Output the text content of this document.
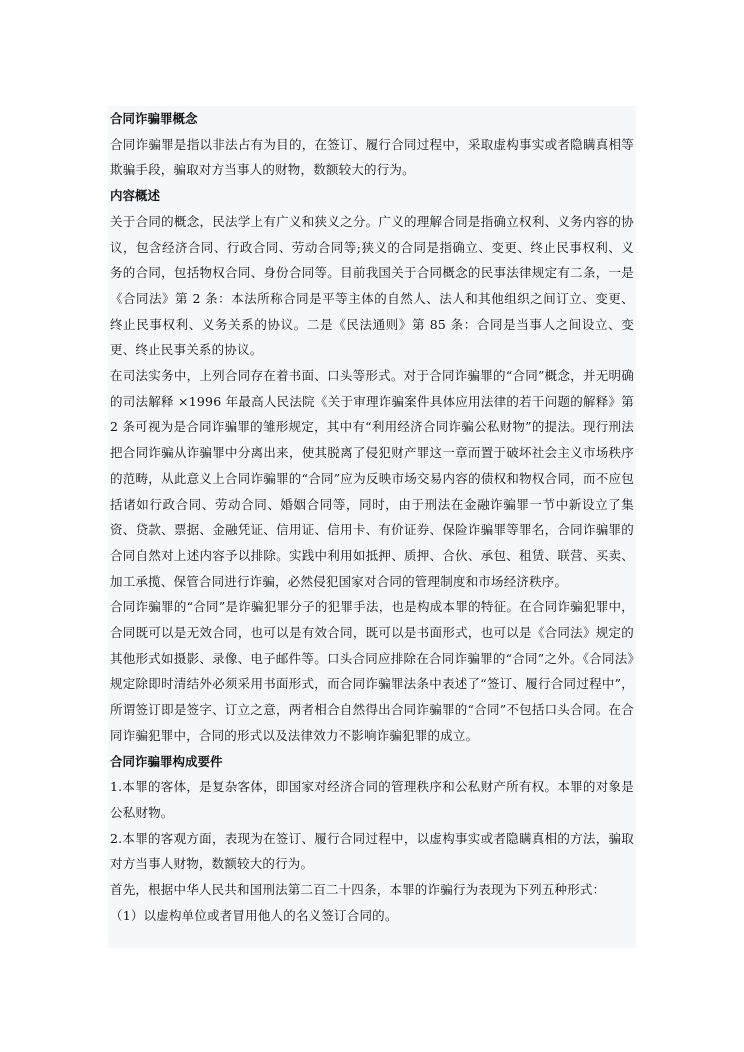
合同诈骗罪概念

合同诈骗罪是指以非法占有为目的，在签订、履行合同过程中，采取虚构事实或者隐瞒真相等欺骗手段，骗取对方当事人的财物，数额较大的行为。

内容概述

关于合同的概念，民法学上有广义和狭义之分。广义的理解合同是指确立权利、义务内容的协议，包含经济合同、行政合同、劳动合同等;狭义的合同是指确立、变更、终止民事权利、义务的合同，包括物权合同、身份合同等。目前我国关于合同概念的民事法律规定有二条，一是《合同法》第 2 条：本法所称合同是平等主体的自然人、法人和其他组织之间订立、变更、终止民事权利、义务关系的协议。二是《民法通则》第 85 条：合同是当事人之间设立、变更、终止民事关系的协议。

在司法实务中，上列合同存在着书面、口头等形式。对于合同诈骗罪的“合同”概念，并无明确的司法解释 ×1996 年最高人民法院《关于审理诈骗案件具体应用法律的若干问题的解释》第 2 条可视为是合同诈骗罪的雏形规定，其中有“利用经济合同诈骗公私财物”的提法。现行刑法把合同诈骗从诈骗罪中分离出来，使其脱离了侵犯财产罪这一章而置于破坏社会主义市场秩序的范畴，从此意义上合同诈骗罪的“合同”应为反映市场交易内容的债权和物权合同，而不应包括诸如行政合同、劳动合同、婚姻合同等，同时，由于刑法在金融诈骗罪一节中新设立了集资、贷款、票据、金融凭证、信用证、信用卡、有价证券、保险诈骗罪等罪名，合同诈骗罪的合同自然对上述内容予以排除。实践中利用如抵押、质押、合伙、承包、租赁、联营、买卖、加工承揽、保管合同进行诈骗，必然侵犯国家对合同的管理制度和市场经济秩序。

合同诈骗罪的“合同”是诈骗犯罪分子的犯罪手法，也是构成本罪的特征。在合同诈骗犯罪中，合同既可以是无效合同，也可以是有效合同，既可以是书面形式，也可以是《合同法》规定的其他形式如摄影、录像、电子邮件等。口头合同应排除在合同诈骗罪的“合同”之外。《合同法》规定除即时清结外必须采用书面形式，而合同诈骗罪法条中表述了“签订、履行合同过程中”，所谓签订即是签字、订立之意，两者相合自然得出合同诈骗罪的“合同”不包括口头合同。在合同诈骗犯罪中，合同的形式以及法律效力不影响诈骗犯罪的成立。

合同诈骗罪构成要件

1.本罪的客体，是复杂客体，即国家对经济合同的管理秩序和公私财产所有权。本罪的对象是公私财物。

2.本罪的客观方面，表现为在签订、履行合同过程中，以虚构事实或者隐瞒真相的方法，骗取对方当事人财物，数额较大的行为。

首先，根据中华人民共和国刑法第二百二十四条，本罪的诈骗行为表现为下列五种形式：

（1）以虚构单位或者冒用他人的名义签订合同的。
